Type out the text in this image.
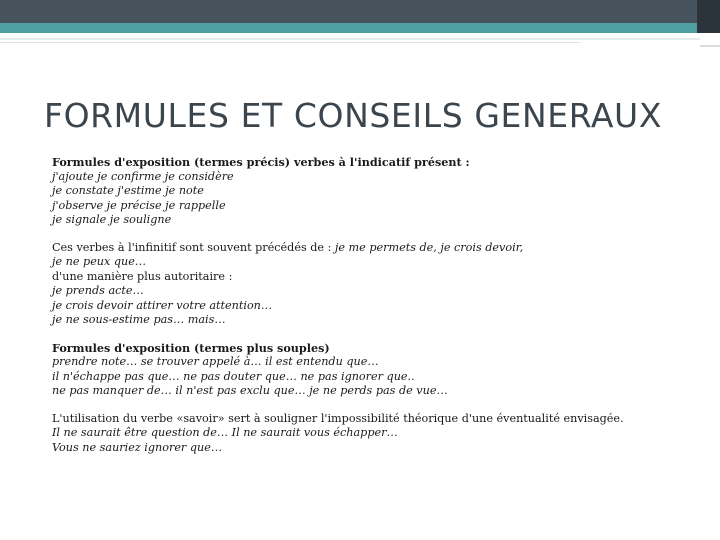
FORMULES ET CONSEILS GENERAUX
Formules d'exposition (termes précis) verbes à l'indicatif présent :
j'ajoute je confirme je considère
je constate j'estime je note
j'observe je précise je rappelle
je signale je souligne
Ces verbes à l'infinitif sont souvent précédés de : je me permets de, je crois devoir,
je ne peux que…
d'une manière plus autoritaire :
je prends acte…
je crois devoir attirer votre attention…
je ne sous-estime pas… mais…
Formules d'exposition (termes plus souples)
prendre note… se trouver appelé à… il est entendu que…
il n'échappe pas que… ne pas douter que… ne pas ignorer que..
ne pas manquer de… il n'est pas exclu que… je ne perds pas de vue…
L'utilisation du verbe «savoir» sert à souligner l'impossibilité théorique d'une éventualité envisagée.
Il ne saurait être question de… Il ne saurait vous échapper…
Vous ne sauriez ignorer que…
